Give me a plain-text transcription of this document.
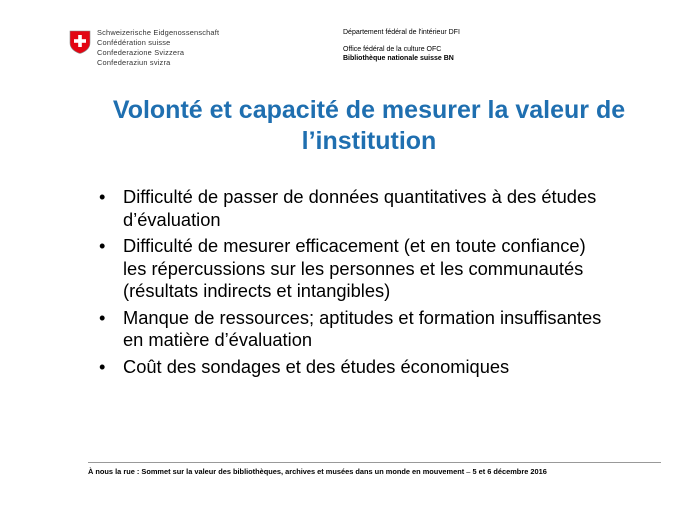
Schweizerische Eidgenossenschaft
Confédération suisse
Confederazione Svizzera
Confederaziun svizra
Département fédéral de l'intérieur DFI
Office fédéral de la culture OFC
Bibliothèque nationale suisse BN
Volonté et capacité de mesurer la valeur de
l’institution
• Difficulté de passer de données quantitatives à des études
d’évaluation
• Difficulté de mesurer efficacement (et en toute confiance)
les répercussions sur les personnes et les communautés
(résultats indirects et intangibles)
• Manque de ressources; aptitudes et formation insuffisantes
en matière d’évaluation
• Coût des sondages et des études économiques
À nous la rue : Sommet sur la valeur des bibliothèques, archives et musées dans un monde en mouvement – 5 et 6 décembre 2016
